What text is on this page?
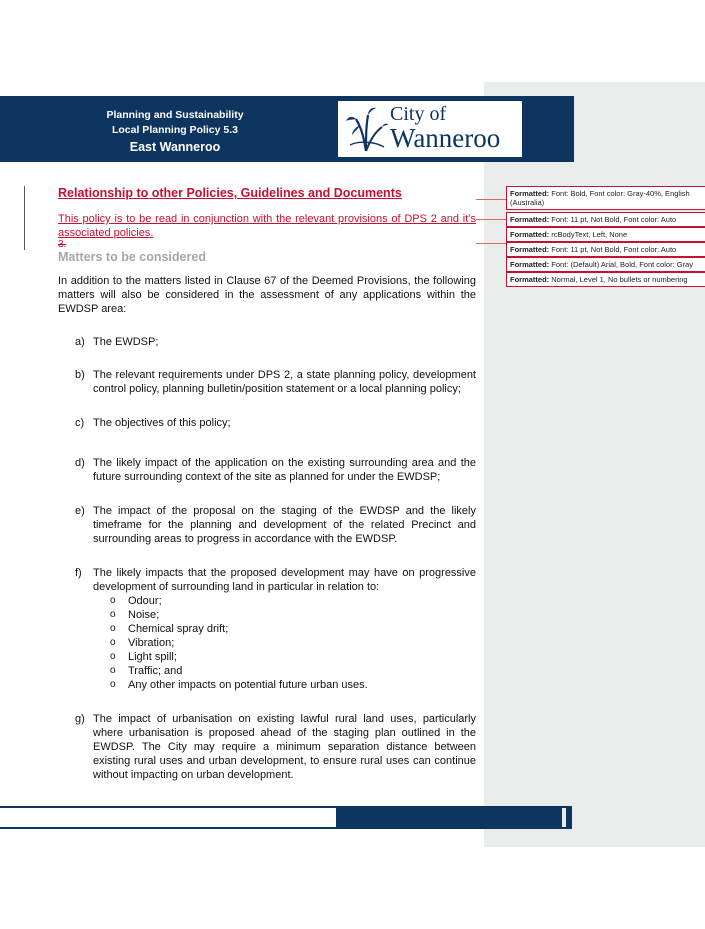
Planning and Sustainability
Local Planning Policy 5.3
East Wanneroo
City of
Wanneroo

Relationship to other Policies, Guidelines and Documents

This policy is to be read in conjunction with the relevant provisions of DPS 2 and it’s associated policies.

3.

Matters to be considered

In addition to the matters listed in Clause 67 of the Deemed Provisions, the following matters will also be considered in the assessment of any applications within the EWDSP area:

a) The EWDSP;
b) The relevant requirements under DPS 2, a state planning policy, development control policy, planning bulletin/position statement or a local planning policy;
c) The objectives of this policy;
d) The likely impact of the application on the existing surrounding area and the future surrounding context of the site as planned for under the EWDSP;
e) The impact of the proposal on the staging of the EWDSP and the likely timeframe for the planning and development of the related Precinct and surrounding areas to progress in accordance with the EWDSP.
f) The likely impacts that the proposed development may have on progressive development of surrounding land in particular in relation to:
o Odour;
o Noise;
o Chemical spray drift;
o Vibration;
o Light spill;
o Traffic; and
o Any other impacts on potential future urban uses.
g) The impact of urbanisation on existing lawful rural land uses, particularly where urbanisation is proposed ahead of the staging plan outlined in the EWDSP. The City may require a minimum separation distance between existing rural uses and urban development, to ensure rural uses can continue without impacting on urban development.
Formatted: Font: Bold, Font color: Gray-40%, English (Australia)
Formatted: Font: 11 pt, Not Bold, Font color: Auto
Formatted: rcBodyText, Left, None
Formatted: Font: 11 pt, Not Bold, Font color: Auto
Formatted: Font: (Default) Arial, Bold, Font color: Gray
Formatted: Normal, Level 1, No bullets or numbering
